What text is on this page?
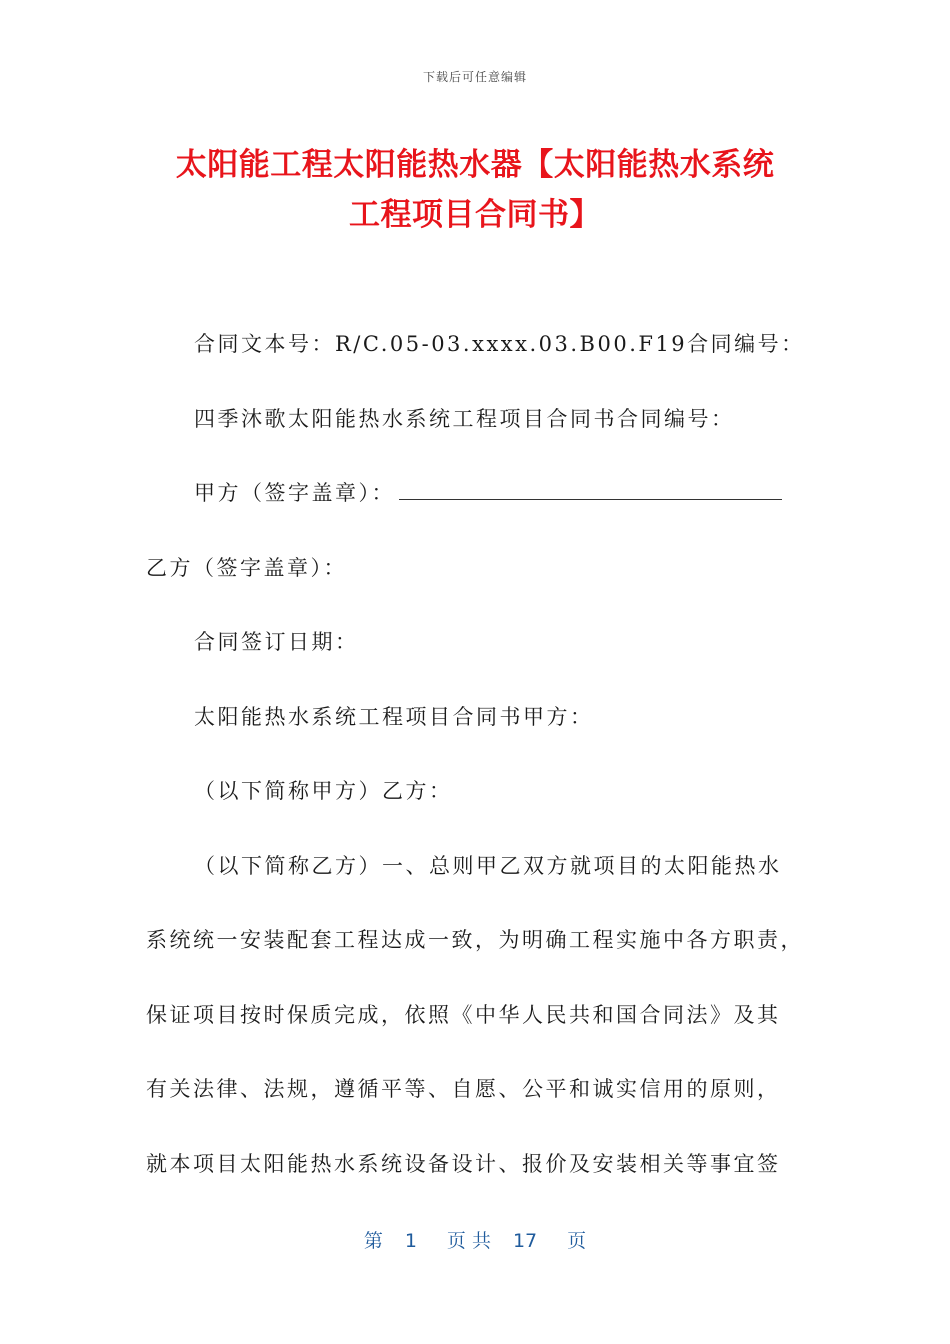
下载后可任意编辑
太阳能工程太阳能热水器【太阳能热水系统
工程项目合同书】
合同文本号：R/C.05-03.xxxx.03.B00.F19合同编号：
四季沐歌太阳能热水系统工程项目合同书合同编号：
甲方（签字盖章）：
乙方（签字盖章）：
合同签订日期：
太阳能热水系统工程项目合同书甲方：
（以下简称甲方）乙方：
（以下简称乙方）一、总则甲乙双方就项目的太阳能热水
系统统一安装配套工程达成一致，为明确工程实施中各方职责，
保证项目按时保质完成，依照《中华人民共和国合同法》及其
有关法律、法规，遵循平等、自愿、公平和诚实信用的原则，
就本项目太阳能热水系统设备设计、报价及安装相关等事宜签
第 1 页 共 17 页
